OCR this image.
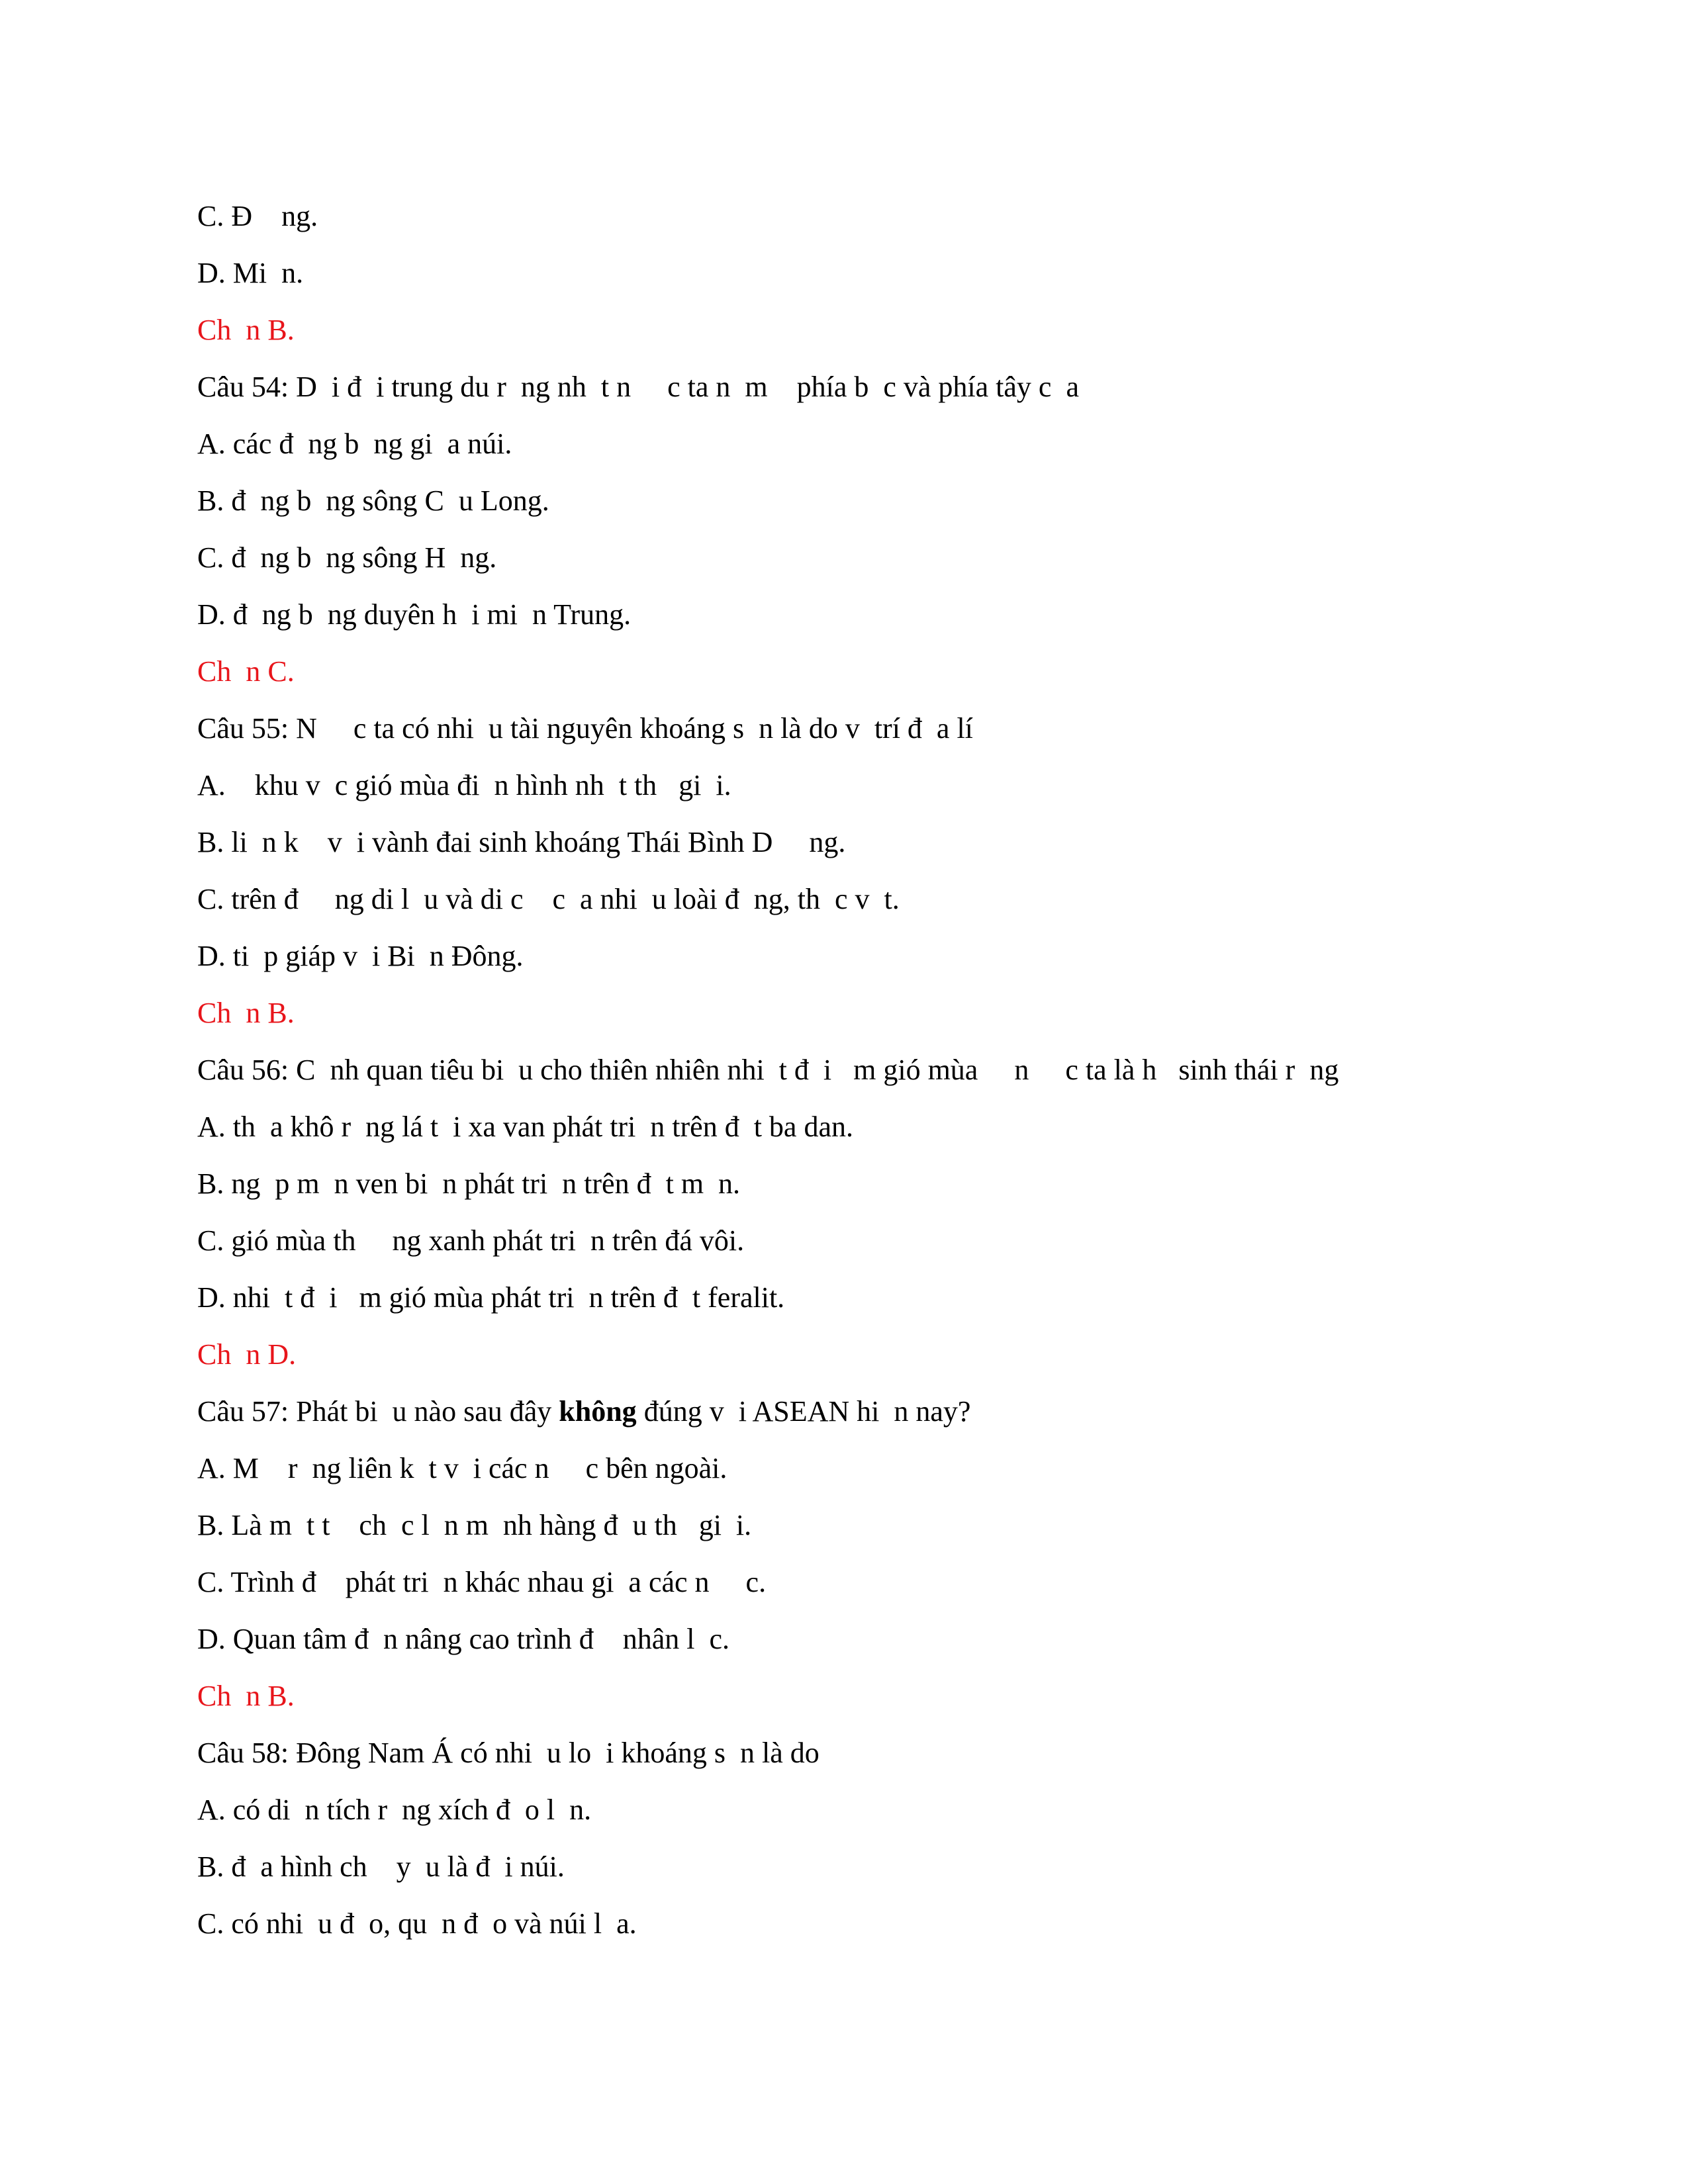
C. Đ    ng.
D. Mi  n.
Ch  n B.
Câu 54: D  i đ  i trung du r  ng nh  t n     c ta n  m    phía b  c và phía tây c  a
A. các đ  ng b  ng gi  a núi.
B. đ  ng b  ng sông C  u Long.
C. đ  ng b  ng sông H  ng.
D. đ  ng b  ng duyên h  i mi  n Trung.
Ch  n C.
Câu 55: N     c ta có nhi  u tài nguyên khoáng s  n là do v  trí đ  a lí
A.    khu v  c gió mùa đi  n hình nh  t th   gi  i.
B. li  n k    v  i vành đai sinh khoáng Thái Bình D     ng.
C. trên đ     ng di l  u và di c    c  a nhi  u loài đ  ng, th  c v  t.
D. ti  p giáp v  i Bi  n Đông.
Ch  n B.
Câu 56: C  nh quan tiêu bi  u cho thiên nhiên nhi  t đ  i   m gió mùa     n     c ta là h   sinh thái r  ng
A. th  a khô r  ng lá t  i xa van phát tri  n trên đ  t ba dan.
B. ng  p m  n ven bi  n phát tri  n trên đ  t m  n.
C. gió mùa th     ng xanh phát tri  n trên đá vôi.
D. nhi  t đ  i   m gió mùa phát tri  n trên đ  t feralit.
Ch  n D.
Câu 57: Phát bi  u nào sau đây không đúng v  i ASEAN hi  n nay?
A. M    r  ng liên k  t v  i các n     c bên ngoài.
B. Là m  t t    ch  c l  n m  nh hàng đ  u th   gi  i.
C. Trình đ    phát tri  n khác nhau gi  a các n     c.
D. Quan tâm đ  n nâng cao trình đ    nhân l  c.
Ch  n B.
Câu 58: Đông Nam Á có nhi  u lo  i khoáng s  n là do
A. có di  n tích r  ng xích đ  o l  n.
B. đ  a hình ch    y  u là đ  i núi.
C. có nhi  u đ  o, qu  n đ  o và núi l  a.
